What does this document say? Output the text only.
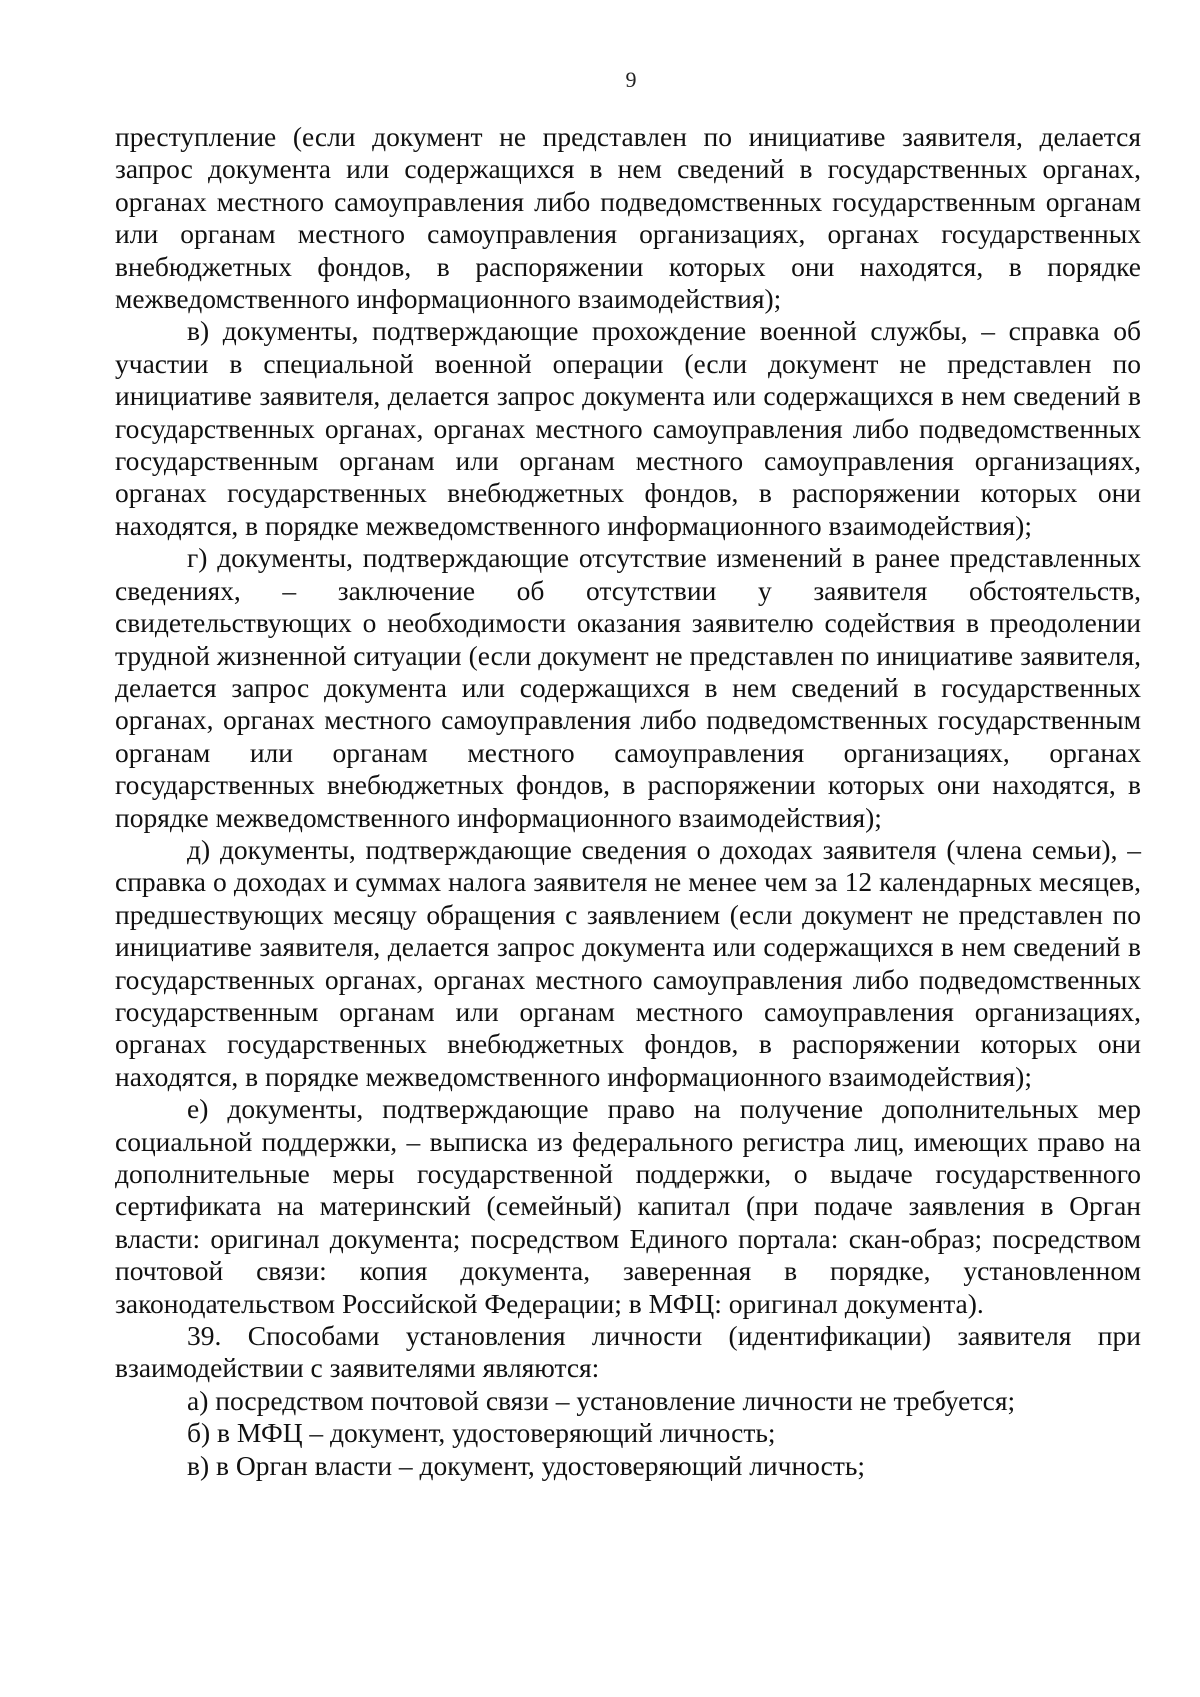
9

преступление (если документ не представлен по инициативе заявителя, делается запрос документа или содержащихся в нем сведений в государственных органах, органах местного самоуправления либо подведомственных государственным органам или органам местного самоуправления организациях, органах государственных внебюджетных фондов, в распоряжении которых они находятся, в порядке межведомственного информационного взаимодействия);

в) документы, подтверждающие прохождение военной службы, – справка об участии в специальной военной операции (если документ не представлен по инициативе заявителя, делается запрос документа или содержащихся в нем сведений в государственных органах, органах местного самоуправления либо подведомственных государственным органам или органам местного самоуправления организациях, органах государственных внебюджетных фондов, в распоряжении которых они находятся, в порядке межведомственного информационного взаимодействия);

г) документы, подтверждающие отсутствие изменений в ранее представленных сведениях, – заключение об отсутствии у заявителя обстоятельств, свидетельствующих о необходимости оказания заявителю содействия в преодолении трудной жизненной ситуации (если документ не представлен по инициативе заявителя, делается запрос документа или содержащихся в нем сведений в государственных органах, органах местного самоуправления либо подведомственных государственным органам или органам местного самоуправления организациях, органах государственных внебюджетных фондов, в распоряжении которых они находятся, в порядке межведомственного информационного взаимодействия);

д) документы, подтверждающие сведения о доходах заявителя (члена семьи), – справка о доходах и суммах налога заявителя не менее чем за 12 календарных месяцев, предшествующих месяцу обращения с заявлением (если документ не представлен по инициативе заявителя, делается запрос документа или содержащихся в нем сведений в государственных органах, органах местного самоуправления либо подведомственных государственным органам или органам местного самоуправления организациях, органах государственных внебюджетных фондов, в распоряжении которых они находятся, в порядке межведомственного информационного взаимодействия);

е) документы, подтверждающие право на получение дополнительных мер социальной поддержки, – выписка из федерального регистра лиц, имеющих право на дополнительные меры государственной поддержки, о выдаче государственного сертификата на материнский (семейный) капитал (при подаче заявления в Орган власти: оригинал документа; посредством Единого портала: скан-образ; посредством почтовой связи: копия документа, заверенная в порядке, установленном законодательством Российской Федерации; в МФЦ: оригинал документа).

39. Способами установления личности (идентификации) заявителя при взаимодействии с заявителями являются:

а) посредством почтовой связи – установление личности не требуется;

б) в МФЦ – документ, удостоверяющий личность;

в) в Орган власти – документ, удостоверяющий личность;
